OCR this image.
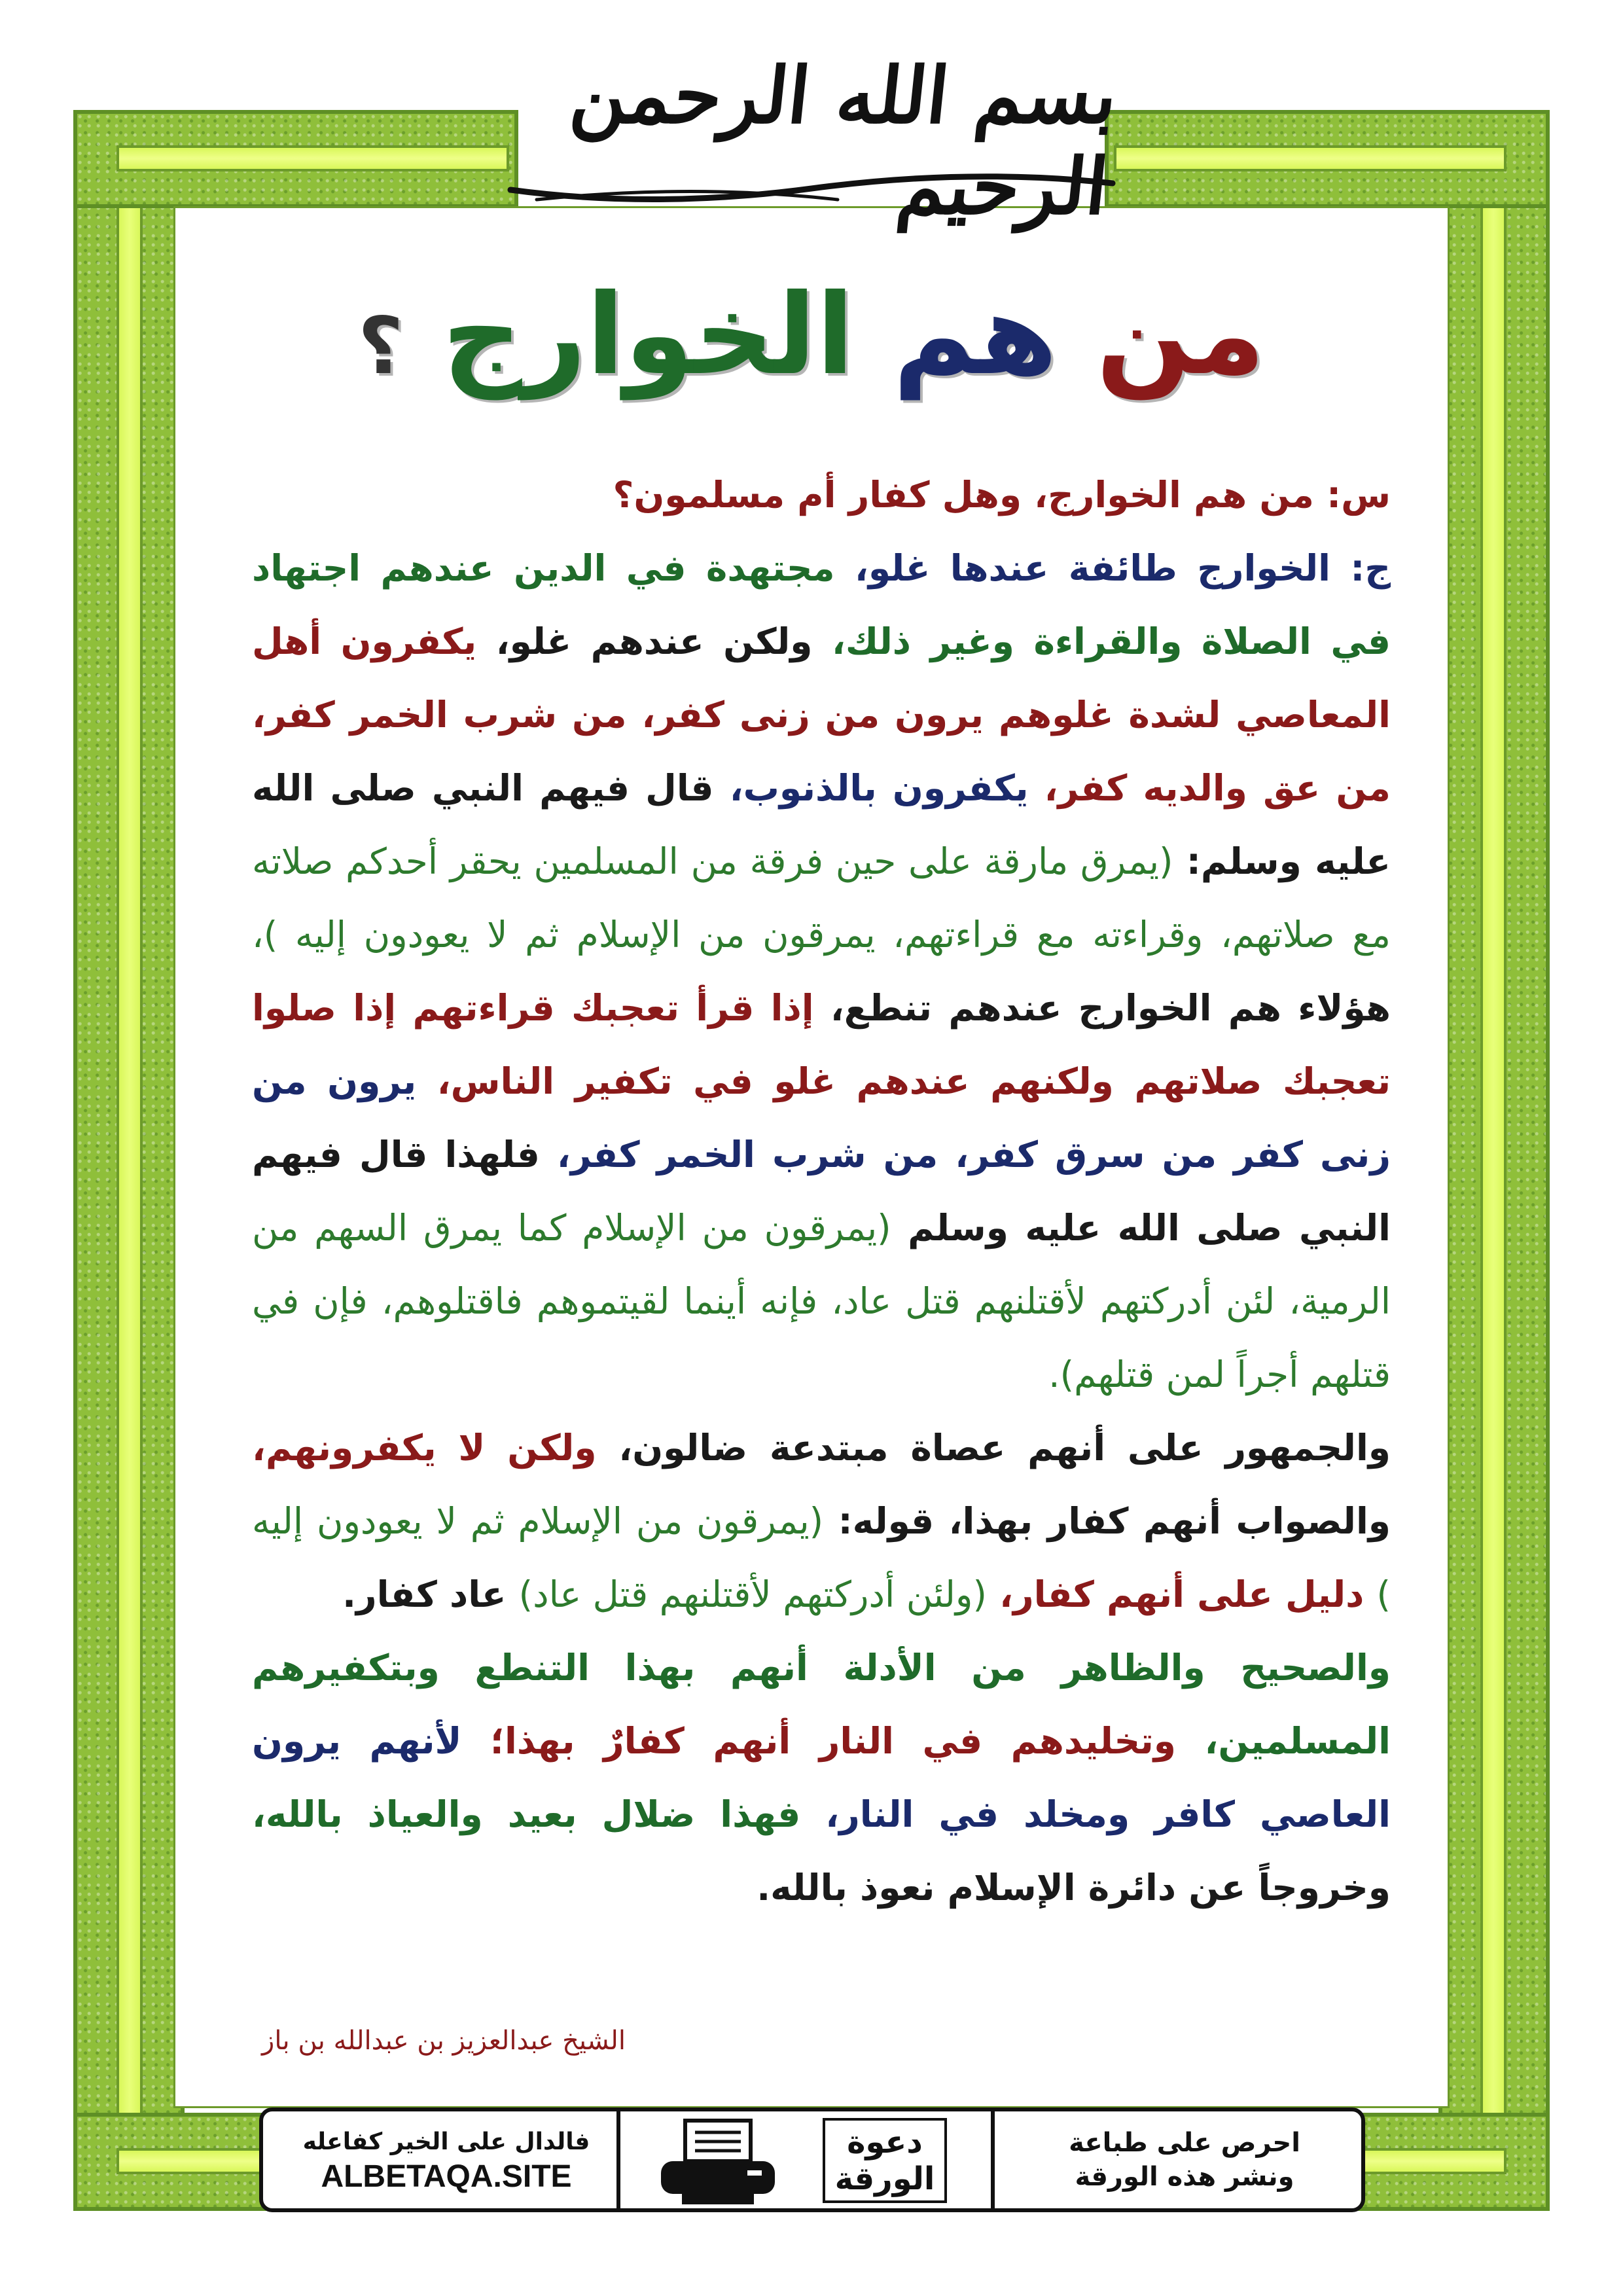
بسم الله الرحمن الرحيم
من هم الخوارج ؟

س: من هم الخوارج، وهل كفار أم مسلمون؟

ج: الخوارج طائفة عندها غلو، مجتهدة في الدين عندهم اجتهاد في الصلاة والقراءة وغير ذلك، ولكن عندهم غلو، يكفرون أهل المعاصي لشدة غلوهم يرون من زنى كفر، من شرب الخمر كفر، من عق والديه كفر، يكفرون بالذنوب، قال فيهم النبي صلى الله عليه وسلم: (يمرق مارقة على حين فرقة من المسلمين يحقر أحدكم صلاته مع صلاتهم، وقراءته مع قراءتهم، يمرقون من الإسلام ثم لا يعودون إليه )، هؤلاء هم الخوارج عندهم تنطع، إذا قرأ تعجبك قراءتهم إذا صلوا تعجبك صلاتهم ولكنهم عندهم غلو في تكفير الناس، يرون من زنى كفر من سرق كفر، من شرب الخمر كفر، فلهذا قال فيهم النبي صلى الله عليه وسلم (يمرقون من الإسلام كما يمرق السهم من الرمية، لئن أدركتهم لأقتلنهم قتل عاد، فإنه أينما لقيتموهم فاقتلوهم، فإن في قتلهم أجراً لمن قتلهم).

والجمهور على أنهم عصاة مبتدعة ضالون، ولكن لا يكفرونهم، والصواب أنهم كفار بهذا، قوله: (يمرقون من الإسلام ثم لا يعودون إليه ) دليل على أنهم كفار، (ولئن أدركتهم لأقتلنهم قتل عاد) عاد كفار.

والصحيح والظاهر من الأدلة أنهم بهذا التنطع وبتكفيرهم المسلمين، وتخليدهم في النار أنهم كفارٌ بهذا؛ لأنهم يرون العاصي كافر ومخلد في النار، فهذا ضلال بعيد والعياذ بالله، وخروجاً عن دائرة الإسلام نعوذ بالله.

الشيخ عبدالعزيز بن عبدالله بن باز
احرص على طباعة
ونشر هذه الورقة
دعوة
الورقة
فالدال على الخير كفاعله
ALBETAQA.SITE
